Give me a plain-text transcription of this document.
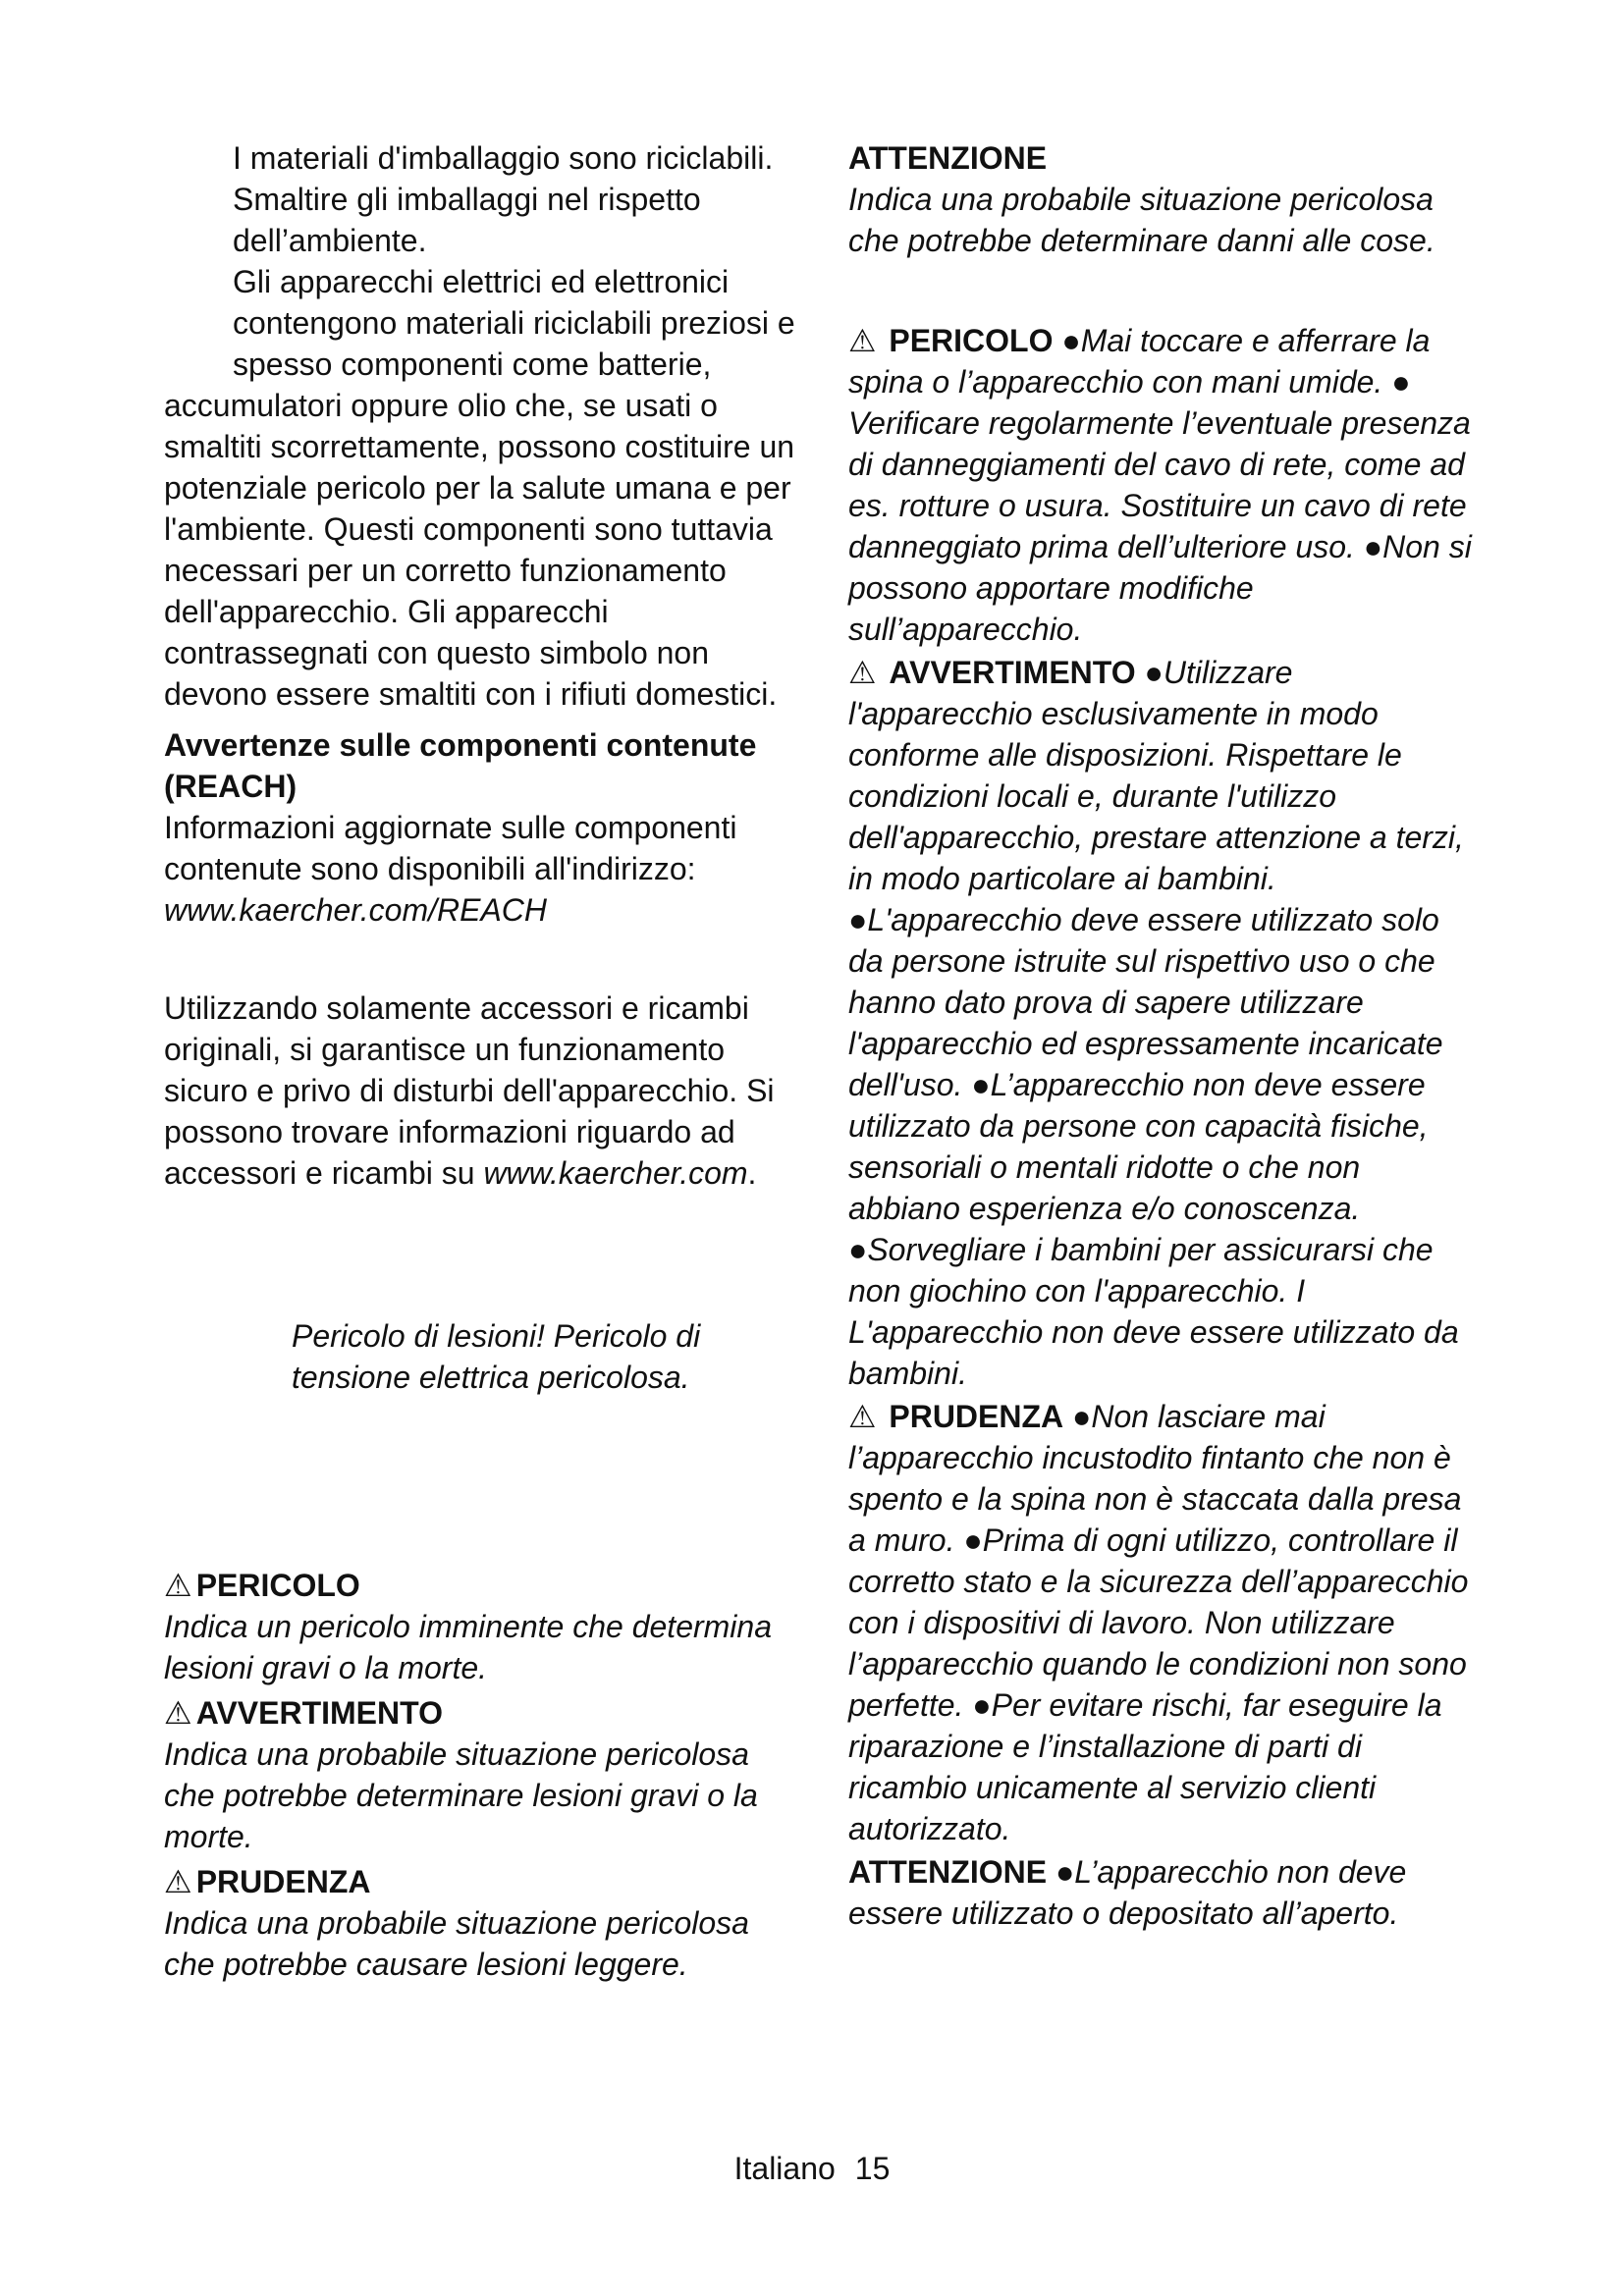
I materiali d'imballaggio sono riciclabili. Smaltire gli imballaggi nel rispetto dell’ambiente.

Gli apparecchi elettrici ed elettronici contengono materiali riciclabili preziosi e spesso componenti come batterie,

accumulatori oppure olio che, se usati o smaltiti scorrettamente, possono costituire un potenziale pericolo per la salute umana e per l'ambiente. Questi componenti sono tuttavia necessari per un corretto funzionamento dell'apparecchio. Gli apparecchi contrassegnati con questo simbolo non devono essere smaltiti con i rifiuti domestici.

Avvertenze sulle componenti contenute (REACH)

Informazioni aggiornate sulle componenti contenute sono disponibili all'indirizzo:

www.kaercher.com/REACH

Utilizzando solamente accessori e ricambi originali, si garantisce un funzionamento sicuro e privo di disturbi dell'apparecchio. Si possono trovare informazioni riguardo ad accessori e ricambi su www.kaercher.com.

Pericolo di lesioni! Pericolo di tensione elettrica pericolosa.

⚠ PERICOLO

Indica un pericolo imminente che determina lesioni gravi o la morte.

⚠ AVVERTIMENTO

Indica una probabile situazione pericolosa che potrebbe determinare lesioni gravi o la morte.

⚠ PRUDENZA

Indica una probabile situazione pericolosa che potrebbe causare lesioni leggere.

ATTENZIONE

Indica una probabile situazione pericolosa che potrebbe determinare danni alle cose.

⚠ PERICOLO ●Mai toccare e afferrare la spina o l’apparecchio con mani umide. ● Verificare regolarmente l’eventuale presenza di danneggiamenti del cavo di rete, come ad es. rotture o usura. Sostituire un cavo di rete danneggiato prima dell’ulteriore uso. ●Non si possono apportare modifiche sull’apparecchio.

⚠ AVVERTIMENTO ●Utilizzare l'apparecchio esclusivamente in modo conforme alle disposizioni. Rispettare le condizioni locali e, durante l'utilizzo dell'apparecchio, prestare attenzione a terzi, in modo particolare ai bambini. ●L'apparecchio deve essere utilizzato solo da persone istruite sul rispettivo uso o che hanno dato prova di sapere utilizzare l'apparecchio ed espressamente incaricate dell'uso. ●L’apparecchio non deve essere utilizzato da persone con capacità fisiche, sensoriali o mentali ridotte o che non abbiano esperienza e/o conoscenza. ●Sorvegliare i bambini per assicurarsi che non giochino con l'apparecchio. I L'apparecchio non deve essere utilizzato da bambini.

⚠ PRUDENZA ●Non lasciare mai l’apparecchio incustodito fintanto che non è spento e la spina non è staccata dalla presa a muro. ●Prima di ogni utilizzo, controllare il corretto stato e la sicurezza dell’apparecchio con i dispositivi di lavoro. Non utilizzare l’apparecchio quando le condizioni non sono perfette. ●Per evitare rischi, far eseguire la riparazione e l’installazione di parti di ricambio unicamente al servizio clienti autorizzato.

ATTENZIONE ●L’apparecchio non deve essere utilizzato o depositato all’aperto.

Italiano 15
